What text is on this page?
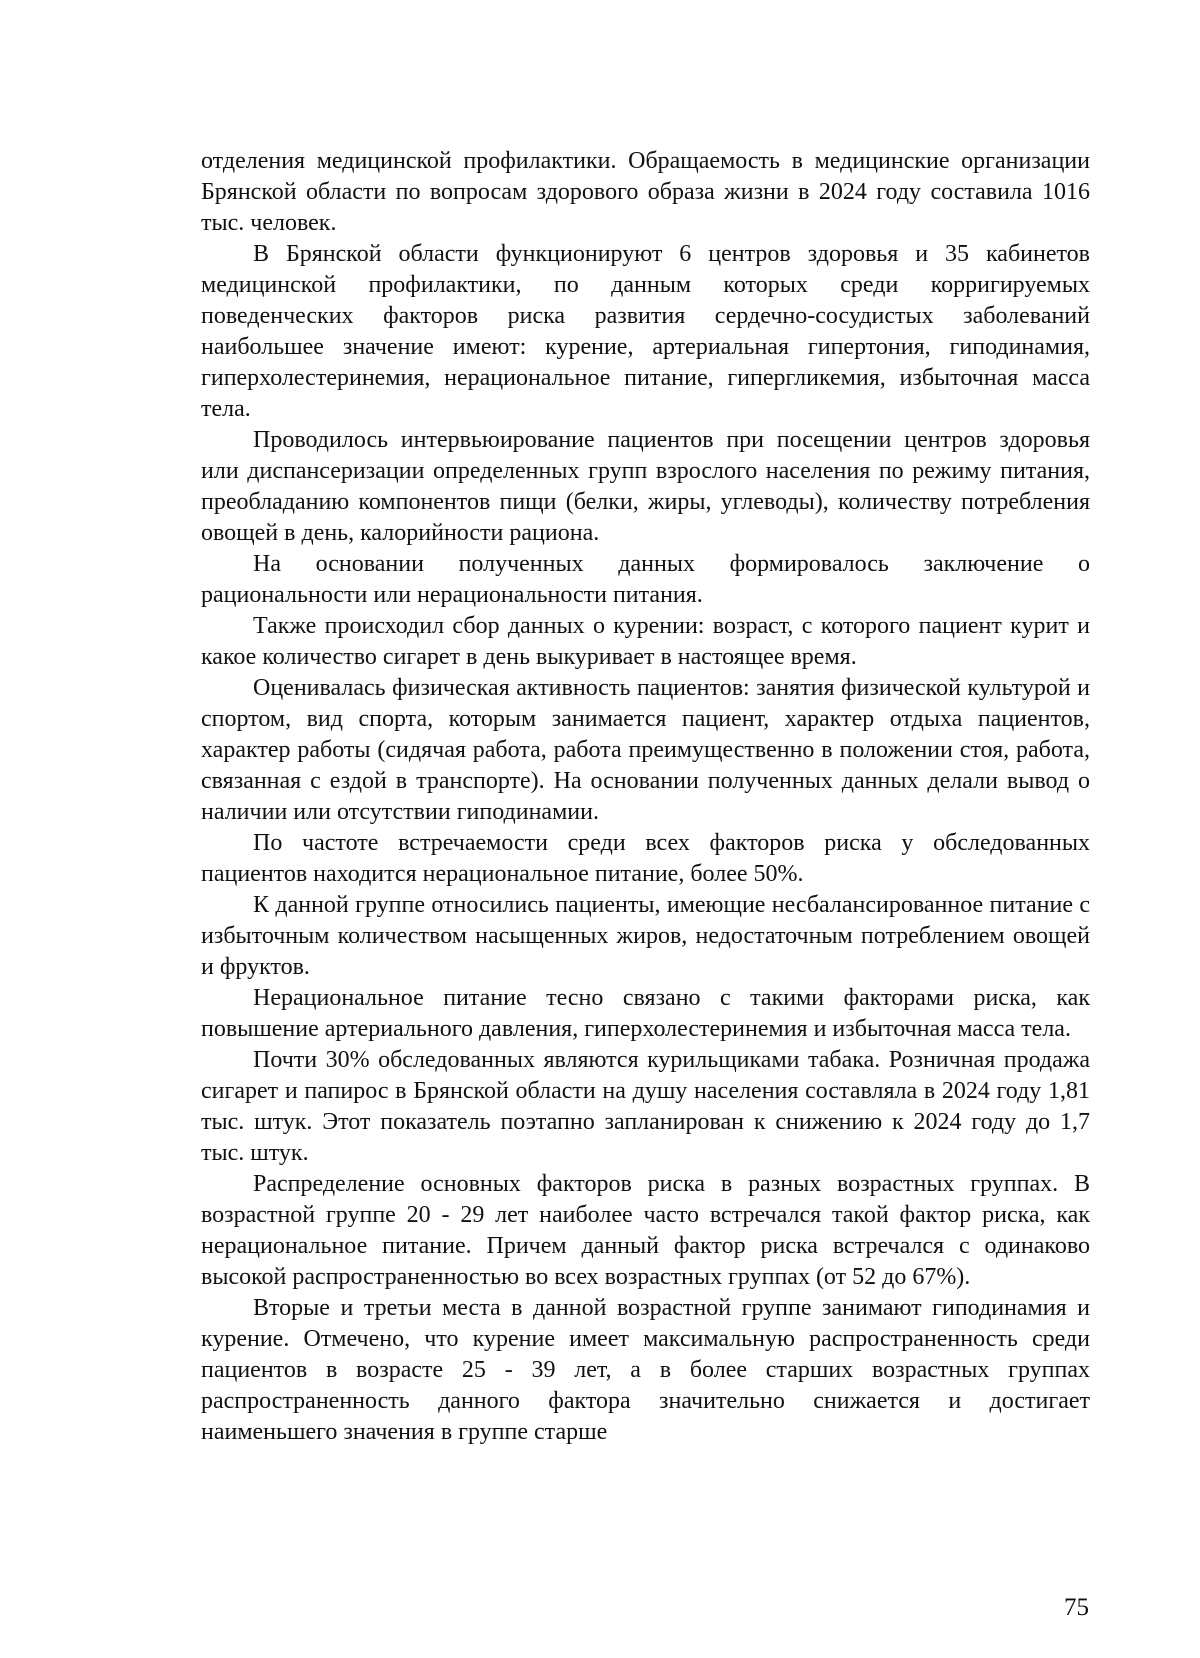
отделения медицинской профилактики. Обращаемость в медицинские организации Брянской области по вопросам здорового образа жизни в 2024 году составила 1016 тыс. человек.

В Брянской области функционируют 6 центров здоровья и 35 кабинетов медицинской профилактики, по данным которых среди корригируемых поведенческих факторов риска развития сердечно-сосудистых заболеваний наибольшее значение имеют: курение, артериальная гипертония, гиподинамия, гиперхолестеринемия, нерациональное питание, гипергликемия, избыточная масса тела.

Проводилось интервьюирование пациентов при посещении центров здоровья или диспансеризации определенных групп взрослого населения по режиму питания, преобладанию компонентов пищи (белки, жиры, углеводы), количеству потребления овощей в день, калорийности рациона.

На основании полученных данных формировалось заключение о рациональности или нерациональности питания.

Также происходил сбор данных о курении: возраст, с которого пациент курит и какое количество сигарет в день выкуривает в настоящее время.

Оценивалась физическая активность пациентов: занятия физической культурой и спортом, вид спорта, которым занимается пациент, характер отдыха пациентов, характер работы (сидячая работа, работа преимущественно в положении стоя, работа, связанная с ездой в транспорте). На основании полученных данных делали вывод о наличии или отсутствии гиподинамии.

По частоте встречаемости среди всех факторов риска у обследованных пациентов находится нерациональное питание, более 50%.

К данной группе относились пациенты, имеющие несбалансированное питание с избыточным количеством насыщенных жиров, недостаточным потреблением овощей и фруктов.

Нерациональное питание тесно связано с такими факторами риска, как повышение артериального давления, гиперхолестеринемия и избыточная масса тела.

Почти 30% обследованных являются курильщиками табака. Розничная продажа сигарет и папирос в Брянской области на душу населения составляла в 2024 году 1,81 тыс. штук. Этот показатель поэтапно запланирован к снижению к 2024 году до 1,7 тыс. штук.

Распределение основных факторов риска в разных возрастных группах. В возрастной группе 20 - 29 лет наиболее часто встречался такой фактор риска, как нерациональное питание. Причем данный фактор риска встречался с одинаково высокой распространенностью во всех возрастных группах (от 52 до 67%).

Вторые и третьи места в данной возрастной группе занимают гиподинамия и курение. Отмечено, что курение имеет максимальную распространенность среди пациентов в возрасте 25 - 39 лет, а в более старших возрастных группах распространенность данного фактора значительно снижается и достигает наименьшего значения в группе старше

75
